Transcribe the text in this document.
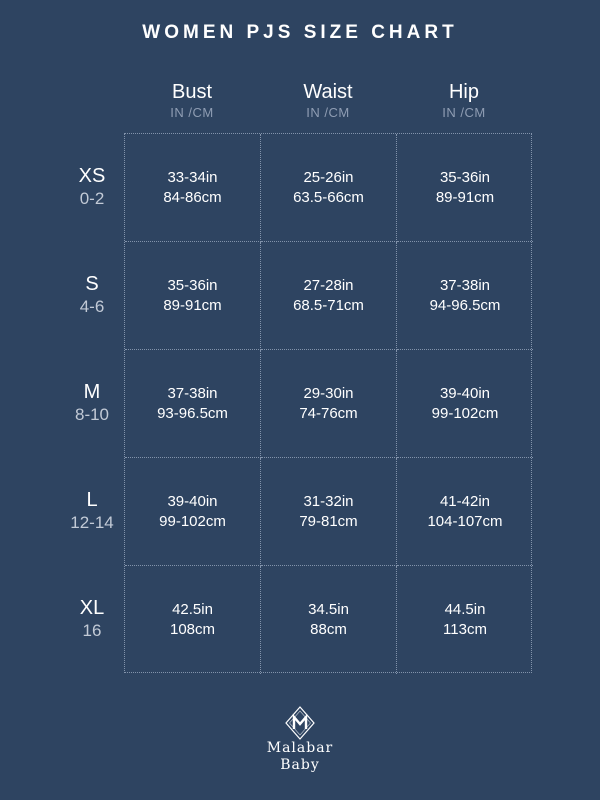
WOMEN PJS SIZE CHART
Bust
IN /CM
Waist
IN /CM
Hip
IN /CM
XS
0-2
S
4-6
M
8-10
L
12-14
XL
16
33-34in
84-86cm
25-26in
63.5-66cm
35-36in
89-91cm
35-36in
89-91cm
27-28in
68.5-71cm
37-38in
94-96.5cm
37-38in
93-96.5cm
29-30in
74-76cm
39-40in
99-102cm
39-40in
99-102cm
31-32in
79-81cm
41-42in
104-107cm
42.5in
108cm
34.5in
88cm
44.5in
113cm
Malabar
Baby
